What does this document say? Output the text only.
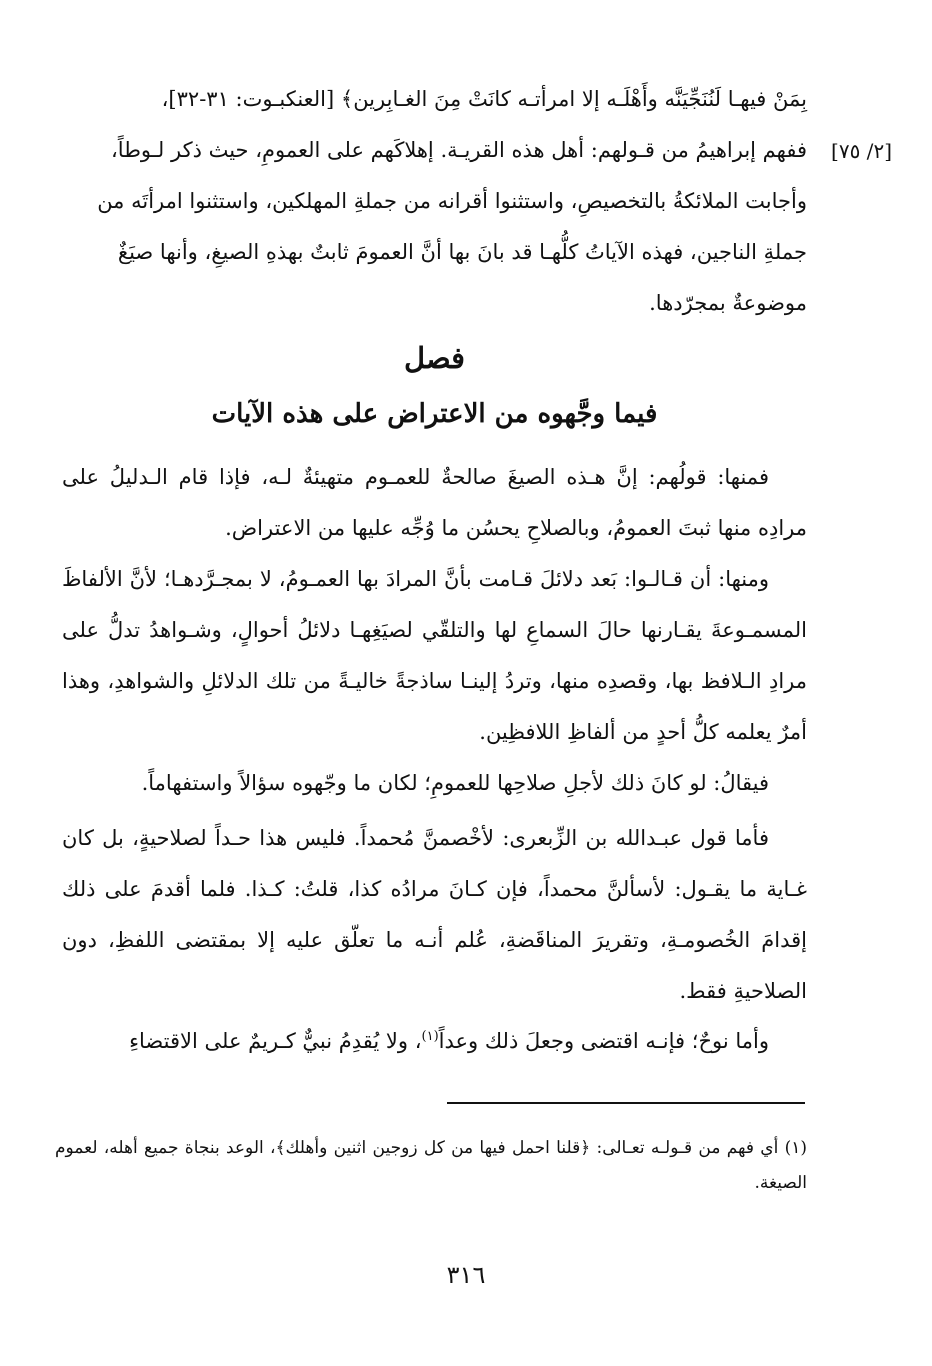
[٢/ ٧٥]
بِمَنْ فيهـا لَنُنَجِّيَنَّه وأَهْلَـه إلا امرأتـه كانَتْ مِنَ الغـابِرين﴾ [العنكبـوت: ٣١-٣٢]،
ففهم إبراهيمُ من قـولهم: أهل هذه القريـة. إهلاكَهم على العمومِ، حيث ذكر لـوطاً،
وأجابت الملائكةُ بالتخصيصِ، واستثنوا أقرانه من جملةِ المهلكين، واستثنوا امرأتَه من
جملةِ الناجين، فهذه الآياتُ كلُّهـا قد بانَ بها أنَّ العمومَ ثابتٌ بهذهِ الصيغِ، وأنها صيَغٌ
موضوعةٌ بمجرّدها.
فصل
فيما وجَّهوه من الاعتراض على هذه الآيات

فمنها: قولُهم: إنَّ هـذه الصيغَ صالحةٌ للعمـوم متهيئةٌ لـه، فإذا قام الـدليلُ على مرادِه منها ثبتَ العمومُ، وبالصلاحِ يحسُن ما وُجِّه عليها من الاعتراض.

ومنها: أن قـالـوا: بَعد دلائلَ قـامت بأنَّ المرادَ بها العمـومُ، لا بمجـرَّدهـا؛ لأنَّ الألفاظَ المسمـوعةَ يقـارنها حالَ السماعِ لها والتلقّي لصيَغِهـا دلائلُ أحوالٍ، وشـواهدُ تدلُّ على مرادِ الـلافظ بها، وقصدِه منها، وتردُ إلينـا ساذجةً خاليـةً من تلك الدلائلِ والشواهدِ، وهذا أمرٌ يعلمه كلُّ أحدٍ من ألفاظِ اللافظِين.

فيقالُ: لو كانَ ذلك لأجلِ صلاحِها للعمومِ؛ لكان ما وجّهوه سؤالاً واستفهاماً.

فأما قول عبـدالله بن الزِّبعرى: لأخْصمنَّ مُحمداً. فليس هذا حـداً لصلاحيةٍ، بل كان غـاية ما يقـول: لأسألنَّ محمداً، فإن كـانَ مرادُه كذا، قلتُ: كـذا. فلما أقدمَ على ذلك إقدامَ الخُصومـةِ، وتقريرَ المناقَضةِ، عُلم أنـه ما تعلّق عليه إلا بمقتضى اللفظِ، دون الصلاحيةِ فقط.

وأما نوحٌ؛ فإنـه اقتضى وجعلَ ذلك وعداً$^{(١)}$، ولا يُقدِمُ نبيٌّ كـريمٌ على الاقتضاءِ

(١) أي فهم من قـولـه تعـالى: ﴿قلنا احمل فيها من كل زوجين اثنين وأهلك﴾، الوعد بنجاة جميع أهله، لعموم الصيغة.
٣١٦
